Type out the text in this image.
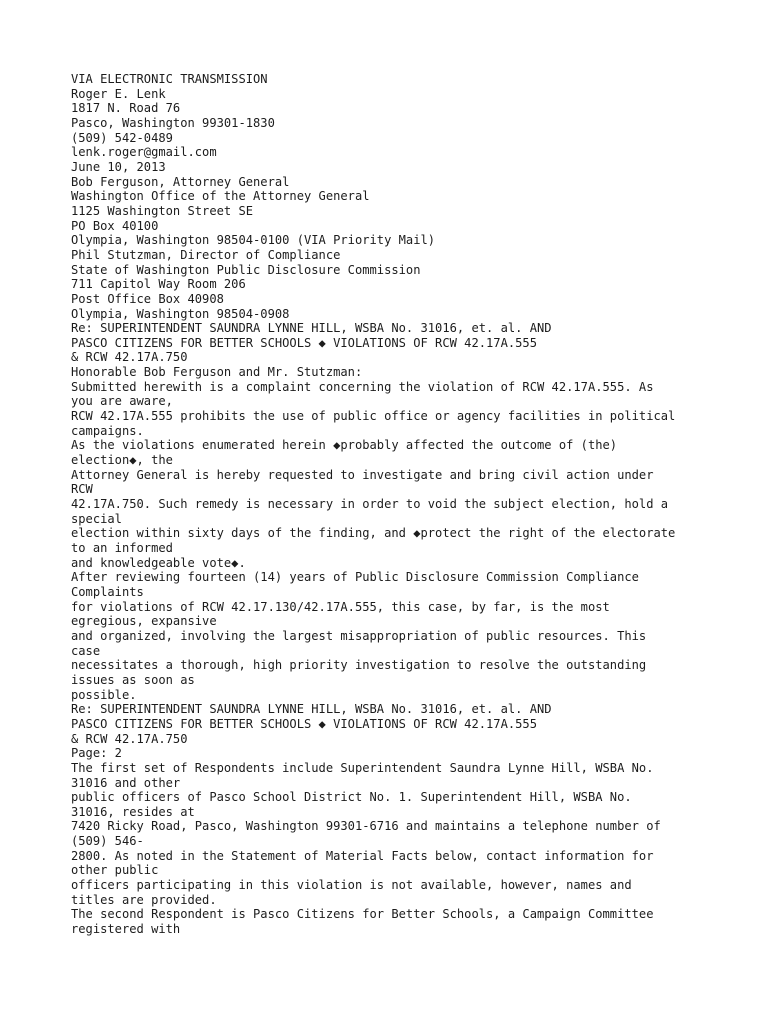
VIA ELECTRONIC TRANSMISSION
Roger E. Lenk
1817 N. Road 76
Pasco, Washington 99301-1830
(509) 542-0489
lenk.roger@gmail.com
June 10, 2013
Bob Ferguson, Attorney General
Washington Office of the Attorney General
1125 Washington Street SE
PO Box 40100
Olympia, Washington 98504-0100 (VIA Priority Mail)
Phil Stutzman, Director of Compliance
State of Washington Public Disclosure Commission
711 Capitol Way Room 206
Post Office Box 40908
Olympia, Washington 98504-0908
Re: SUPERINTENDENT SAUNDRA LYNNE HILL, WSBA No. 31016, et. al. AND
PASCO CITIZENS FOR BETTER SCHOOLS ◆ VIOLATIONS OF RCW 42.17A.555
& RCW 42.17A.750
Honorable Bob Ferguson and Mr. Stutzman:
Submitted herewith is a complaint concerning the violation of RCW 42.17A.555. As
you are aware,
RCW 42.17A.555 prohibits the use of public office or agency facilities in political
campaigns.
As the violations enumerated herein ◆probably affected the outcome of (the)
election◆, the
Attorney General is hereby requested to investigate and bring civil action under
RCW
42.17A.750. Such remedy is necessary in order to void the subject election, hold a
special
election within sixty days of the finding, and ◆protect the right of the electorate
to an informed
and knowledgeable vote◆.
After reviewing fourteen (14) years of Public Disclosure Commission Compliance
Complaints
for violations of RCW 42.17.130/42.17A.555, this case, by far, is the most
egregious, expansive
and organized, involving the largest misappropriation of public resources. This
case
necessitates a thorough, high priority investigation to resolve the outstanding
issues as soon as
possible.
Re: SUPERINTENDENT SAUNDRA LYNNE HILL, WSBA No. 31016, et. al. AND
PASCO CITIZENS FOR BETTER SCHOOLS ◆ VIOLATIONS OF RCW 42.17A.555
& RCW 42.17A.750
Page: 2
The first set of Respondents include Superintendent Saundra Lynne Hill, WSBA No.
31016 and other
public officers of Pasco School District No. 1. Superintendent Hill, WSBA No.
31016, resides at
7420 Ricky Road, Pasco, Washington 99301-6716 and maintains a telephone number of
(509) 546-
2800. As noted in the Statement of Material Facts below, contact information for
other public
officers participating in this violation is not available, however, names and
titles are provided.
The second Respondent is Pasco Citizens for Better Schools, a Campaign Committee
registered with
